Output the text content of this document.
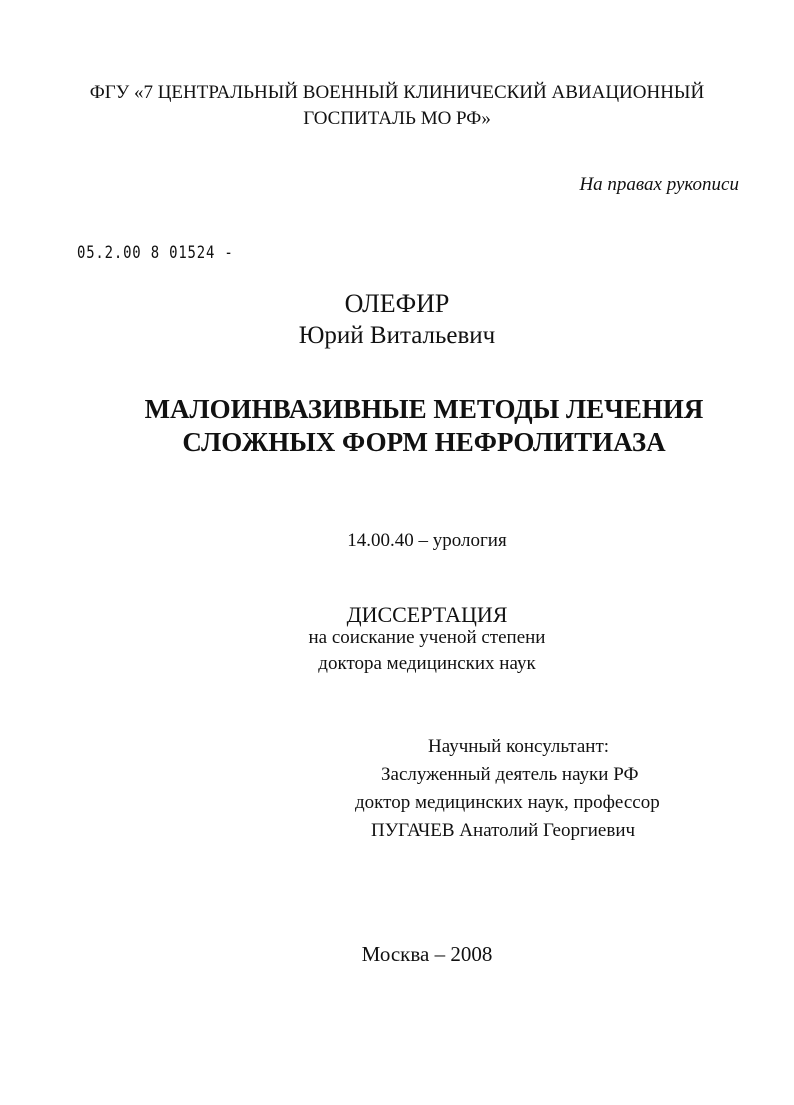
ФГУ «7 ЦЕНТРАЛЬНЫЙ ВОЕННЫЙ КЛИНИЧЕСКИЙ АВИАЦИОННЫЙ
ГОСПИТАЛЬ МО РФ»
На правах рукописи
05.2.00 8 01524 -
ОЛЕФИР
Юрий Витальевич
МАЛОИНВАЗИВНЫЕ МЕТОДЫ ЛЕЧЕНИЯ
СЛОЖНЫХ ФОРМ НЕФРОЛИТИАЗА
14.00.40 – урология
ДИССЕРТАЦИЯ
на соискание ученой степени
доктора медицинских наук
Научный консультант:
Заслуженный деятель науки РФ
доктор медицинских наук, профессор
ПУГАЧЕВ Анатолий Георгиевич
Москва – 2008
